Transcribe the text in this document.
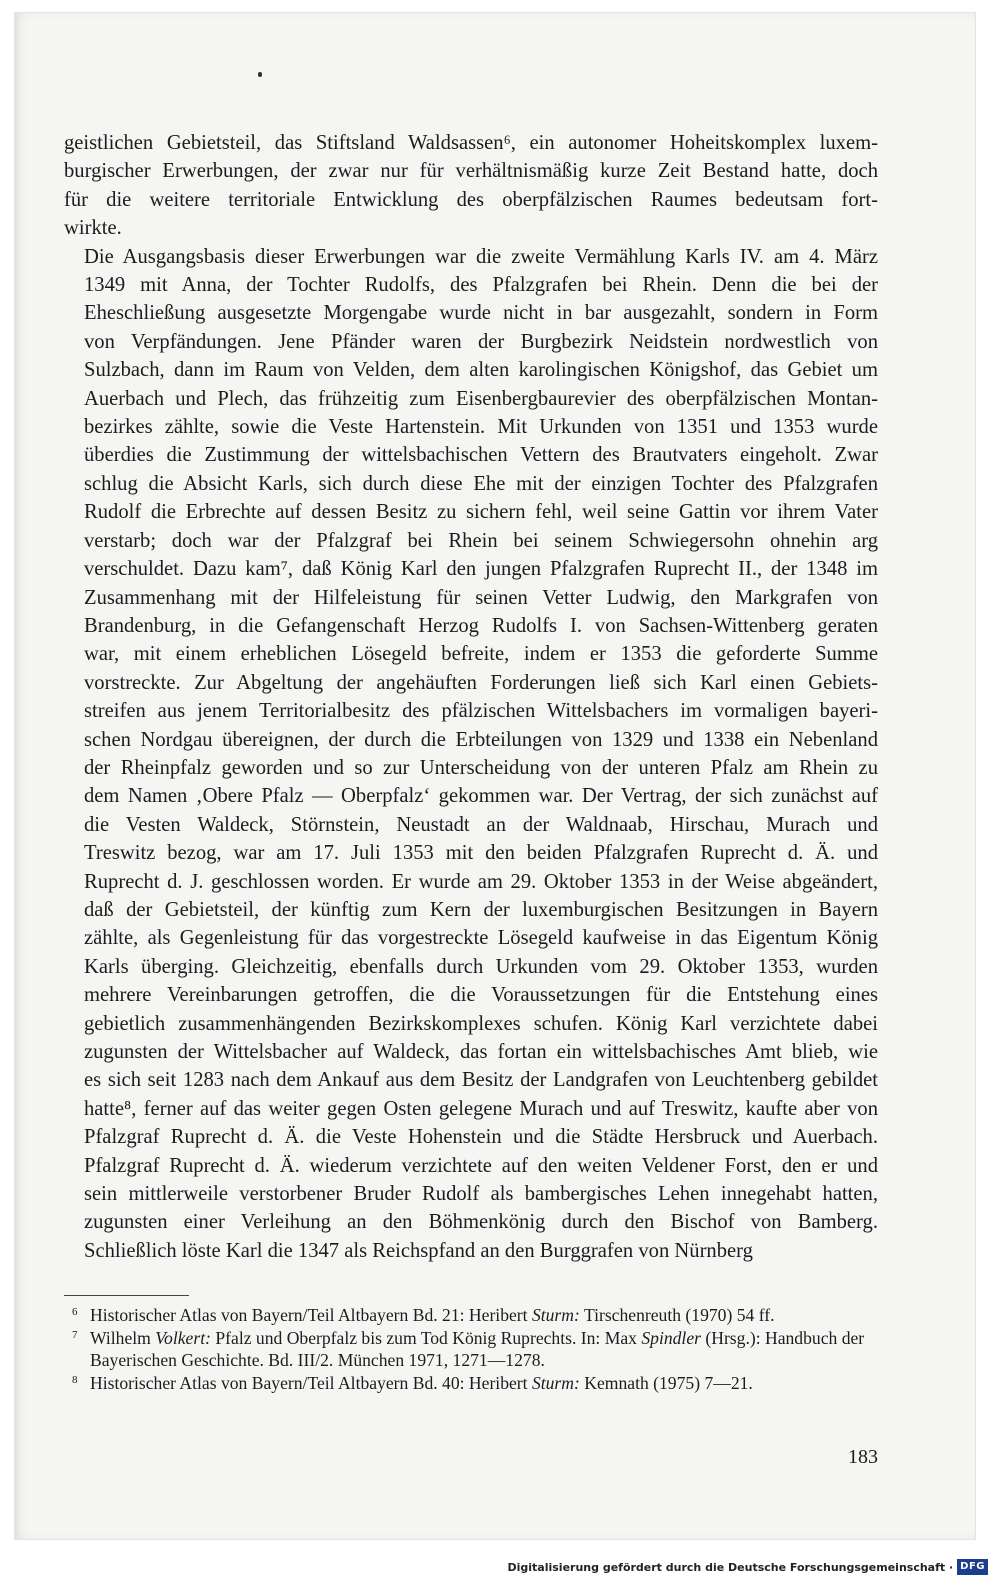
geistlichen Gebietsteil, das Stiftsland Waldsassen⁶, ein autonomer Hoheitskomplex luxem-
burgischer Erwerbungen, der zwar nur für verhältnismäßig kurze Zeit Bestand hatte, doch
für die weitere territoriale Entwicklung des oberpfälzischen Raumes bedeutsam fort-
wirkte.

Die Ausgangsbasis dieser Erwerbungen war die zweite Vermählung Karls IV. am 4. März
1349 mit Anna, der Tochter Rudolfs, des Pfalzgrafen bei Rhein. Denn die bei der
Eheschließung ausgesetzte Morgengabe wurde nicht in bar ausgezahlt, sondern in Form
von Verpfändungen. Jene Pfänder waren der Burgbezirk Neidstein nordwestlich von
Sulzbach, dann im Raum von Velden, dem alten karolingischen Königshof, das Gebiet um
Auerbach und Plech, das frühzeitig zum Eisenbergbaurevier des oberpfälzischen Montan-
bezirkes zählte, sowie die Veste Hartenstein. Mit Urkunden von 1351 und 1353 wurde
überdies die Zustimmung der wittelsbachischen Vettern des Brautvaters eingeholt. Zwar
schlug die Absicht Karls, sich durch diese Ehe mit der einzigen Tochter des Pfalzgrafen
Rudolf die Erbrechte auf dessen Besitz zu sichern fehl, weil seine Gattin vor ihrem Vater
verstarb; doch war der Pfalzgraf bei Rhein bei seinem Schwiegersohn ohnehin arg
verschuldet. Dazu kam⁷, daß König Karl den jungen Pfalzgrafen Ruprecht II., der 1348 im
Zusammenhang mit der Hilfeleistung für seinen Vetter Ludwig, den Markgrafen von
Brandenburg, in die Gefangenschaft Herzog Rudolfs I. von Sachsen-Wittenberg geraten
war, mit einem erheblichen Lösegeld befreite, indem er 1353 die geforderte Summe
vorstreckte. Zur Abgeltung der angehäuften Forderungen ließ sich Karl einen Gebiets-
streifen aus jenem Territorialbesitz des pfälzischen Wittelsbachers im vormaligen bayeri-
schen Nordgau übereignen, der durch die Erbteilungen von 1329 und 1338 ein Nebenland
der Rheinpfalz geworden und so zur Unterscheidung von der unteren Pfalz am Rhein zu
dem Namen ‚Obere Pfalz — Oberpfalz‘ gekommen war. Der Vertrag, der sich zunächst auf
die Vesten Waldeck, Störnstein, Neustadt an der Waldnaab, Hirschau, Murach und
Treswitz bezog, war am 17. Juli 1353 mit den beiden Pfalzgrafen Ruprecht d. Ä. und
Ruprecht d. J. geschlossen worden. Er wurde am 29. Oktober 1353 in der Weise abgeändert,
daß der Gebietsteil, der künftig zum Kern der luxemburgischen Besitzungen in Bayern
zählte, als Gegenleistung für das vorgestreckte Lösegeld kaufweise in das Eigentum König
Karls überging. Gleichzeitig, ebenfalls durch Urkunden vom 29. Oktober 1353, wurden
mehrere Vereinbarungen getroffen, die die Voraussetzungen für die Entstehung eines
gebietlich zusammenhängenden Bezirkskomplexes schufen. König Karl verzichtete dabei
zugunsten der Wittelsbacher auf Waldeck, das fortan ein wittelsbachisches Amt blieb, wie
es sich seit 1283 nach dem Ankauf aus dem Besitz der Landgrafen von Leuchtenberg gebildet
hatte⁸, ferner auf das weiter gegen Osten gelegene Murach und auf Treswitz, kaufte aber von
Pfalzgraf Ruprecht d. Ä. die Veste Hohenstein und die Städte Hersbruck und Auerbach.
Pfalzgraf Ruprecht d. Ä. wiederum verzichtete auf den weiten Veldener Forst, den er und
sein mittlerweile verstorbener Bruder Rudolf als bambergisches Lehen innegehabt hatten,
zugunsten einer Verleihung an den Böhmenkönig durch den Bischof von Bamberg.
Schließlich löste Karl die 1347 als Reichspfand an den Burggrafen von Nürnberg

6 Historischer Atlas von Bayern/Teil Altbayern Bd. 21: Heribert Sturm: Tirschenreuth (1970) 54 ff.
7 Wilhelm Volkert: Pfalz und Oberpfalz bis zum Tod König Ruprechts. In: Max Spindler (Hrsg.): Handbuch der Bayerischen Geschichte. Bd. III/2. München 1971, 1271—1278.
8 Historischer Atlas von Bayern/Teil Altbayern Bd. 40: Heribert Sturm: Kemnath (1975) 7—21.
183
Digitalisierung gefördert durch die Deutsche Forschungsgemeinschaft · DFG
